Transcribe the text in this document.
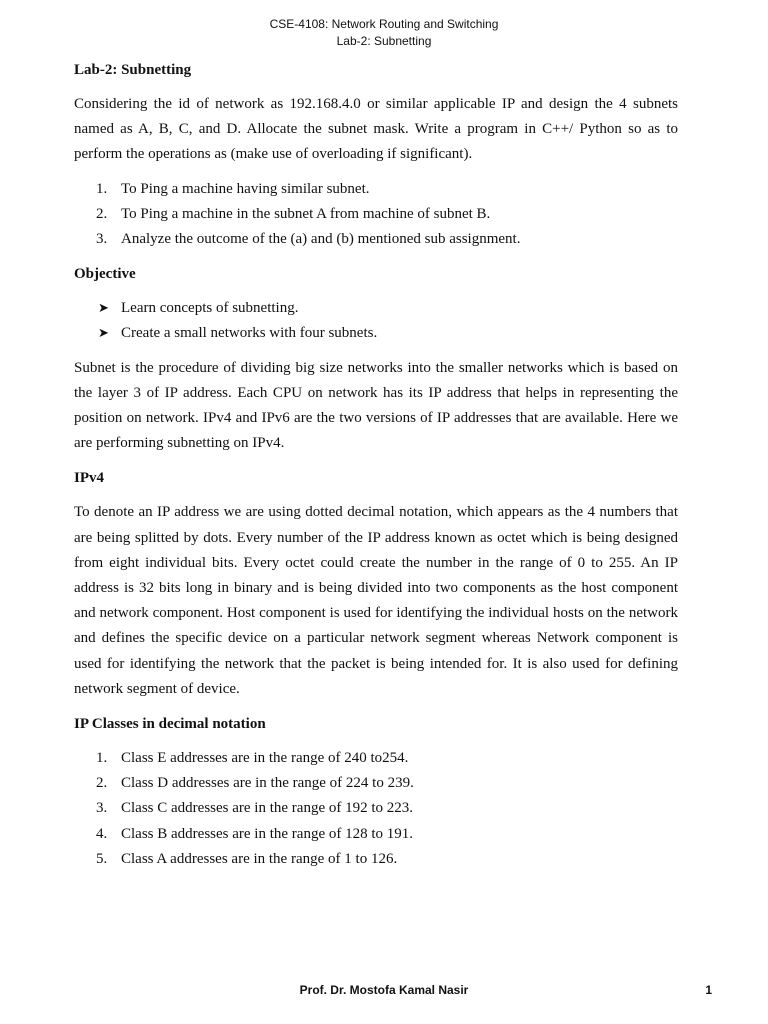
CSE-4108: Network Routing and Switching
Lab-2: Subnetting
Lab-2: Subnetting

Considering the id of network as 192.168.4.0 or similar applicable IP and design the 4 subnets named as A, B, C, and D. Allocate the subnet mask. Write a program in C++/ Python so as to perform the operations as (make use of overloading if significant).

1. To Ping a machine having similar subnet.
2. To Ping a machine in the subnet A from machine of subnet B.
3. Analyze the outcome of the (a) and (b) mentioned sub assignment.
Objective
➤ Learn concepts of subnetting.
➤ Create a small networks with four subnets.

Subnet is the procedure of dividing big size networks into the smaller networks which is based on the layer 3 of IP address. Each CPU on network has its IP address that helps in representing the position on network. IPv4 and IPv6 are the two versions of IP addresses that are available. Here we are performing subnetting on IPv4.

IPv4

To denote an IP address we are using dotted decimal notation, which appears as the 4 numbers that are being splitted by dots. Every number of the IP address known as octet which is being designed from eight individual bits. Every octet could create the number in the range of 0 to 255. An IP address is 32 bits long in binary and is being divided into two components as the host component and network component. Host component is used for identifying the individual hosts on the network and defines the specific device on a particular network segment whereas Network component is used for identifying the network that the packet is being intended for. It is also used for defining network segment of device.

IP Classes in decimal notation
1. Class E addresses are in the range of 240 to254.
2. Class D addresses are in the range of 224 to 239.
3. Class C addresses are in the range of 192 to 223.
4. Class B addresses are in the range of 128 to 191.
5. Class A addresses are in the range of 1 to 126.
Prof. Dr. Mostofa Kamal Nasir	1
